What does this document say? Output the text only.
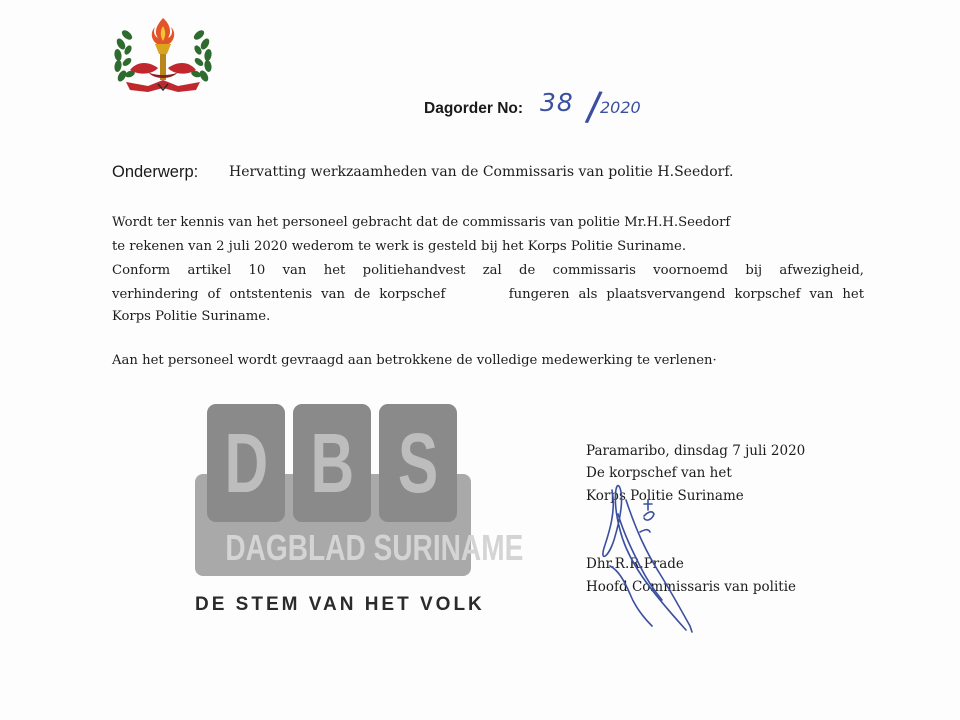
Dagorder No: 38 /
2020
Onderwerp: Hervatting werkzaamheden van de Commissaris van politie H.Seedorf.
Wordt ter kennis van het personeel gebracht dat de commissaris van politie Mr.H.H.Seedorf
te rekenen van 2 juli 2020 wederom te werk is gesteld bij het Korps Politie Suriname.
Conform artikel 10 van het politiehandvest zal de commissaris voornoemd bij afwezigheid,
verhindering of ontstentenis van de korpschef       fungeren als plaatsvervangend korpschef van het
Korps Politie Suriname.
Aan het personeel wordt gevraagd aan betrokkene de volledige medewerking te verlenen·
D B S
DAGBLAD SURINAME
DE STEM VAN HET VOLK
Paramaribo, dinsdag 7 juli 2020
De korpschef van het
Korps Politie Suriname
Dhr.R.R.Prade
Hoofd Commissaris van politie
